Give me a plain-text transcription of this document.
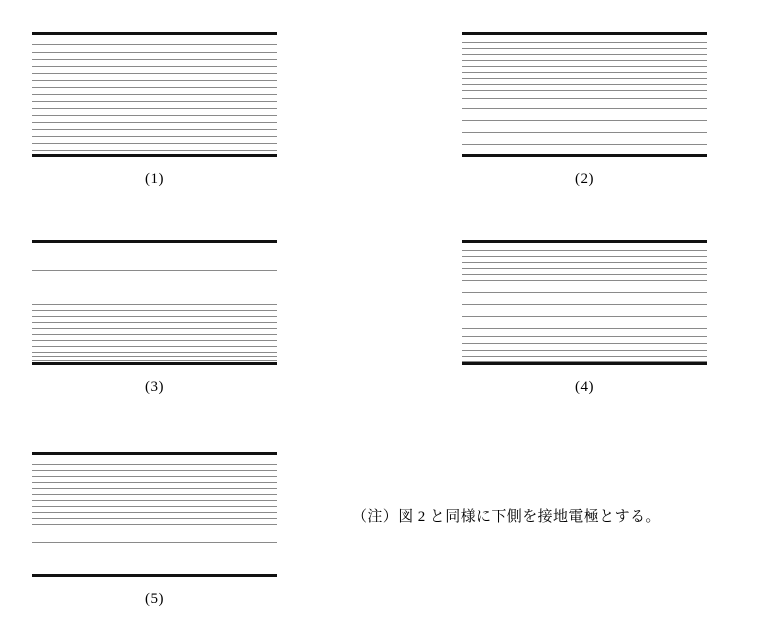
(1)	(2)
(3)	(4)
(5)
（注）図 2 と同様に下側を接地電極とする。
